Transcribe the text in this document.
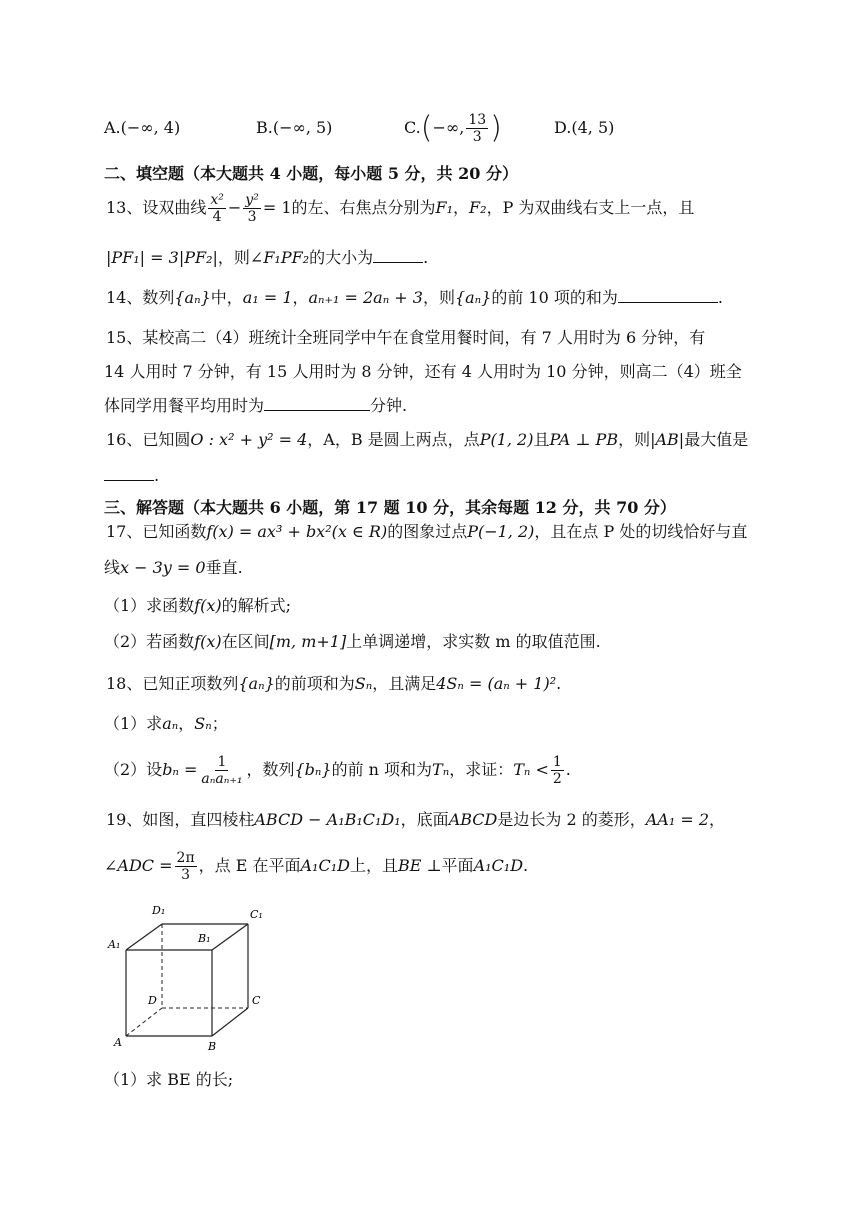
A.(−∞, 4)	B.(−∞, 5)	C.(−∞, $\frac{13}{3}$ )	D.(4, 5)
二、填空题（本大题共 4 小题，每小题 5 分，共 20 分）
13、设双曲线 $\frac{\text{x²}}{4} - \frac{\text{y²}}{3} = 1$的左、右焦点分别为F₁，F₂，P 为双曲线右支上一点，且
|PF₁| = 3|PF₂|，则∠F₁PF₂的大小为	.
14、数列{aₙ}中，a₁ = 1，aₙ₊₁ = 2aₙ + 3，则{aₙ}的前 10 项的和为	.
15、某校高二（4）班统计全班同学中午在食堂用餐时间，有 7 人用时为 6 分钟，有
14 人用时 7 分钟，有 15 人用时为 8 分钟，还有 4 人用时为 10 分钟，则高二（4）班全
体同学用餐平均用时为	分钟.
16、已知圆O : x² + y² = 4，A，B 是圆上两点，点P(1, 2)且PA ⊥ PB，则|AB|最大值是
.
三、解答题（本大题共 6 小题，第 17 题 10 分，其余每题 12 分，共 70 分）
17、已知函数f(x) = ax³ + bx²(x ∈ R)的图象过点P(−1, 2)，且在点 P 处的切线恰好与直
线x − 3y = 0垂直.
（1）求函数f(x)的解析式;
（2）若函数f(x)在区间[m, m+1]上单调递增，求实数 m 的取值范围.
18、已知正项数列{aₙ}的前项和为Sₙ，且满足4Sₙ = (aₙ + 1)².
（1）求aₙ，Sₙ；
（2）设$b_n = \frac{1}{\text{aₙaₙ₊₁}}$ ，数列{bₙ}的前 n 项和为Tₙ，求证：$T_n < \frac{1}{2}$ .
19、如图，直四棱柱ABCD − A₁B₁C₁D₁，底面ABCD是边长为 2 的菱形，AA₁ = 2，
∠ADC = $\frac{2\pi}{3}$ ，点 E 在平面A₁C₁D上，且BE ⊥平面A₁C₁D.
D₁	C₁
A₁	B₁
D	C
A	B
（1）求 BE 的长;
